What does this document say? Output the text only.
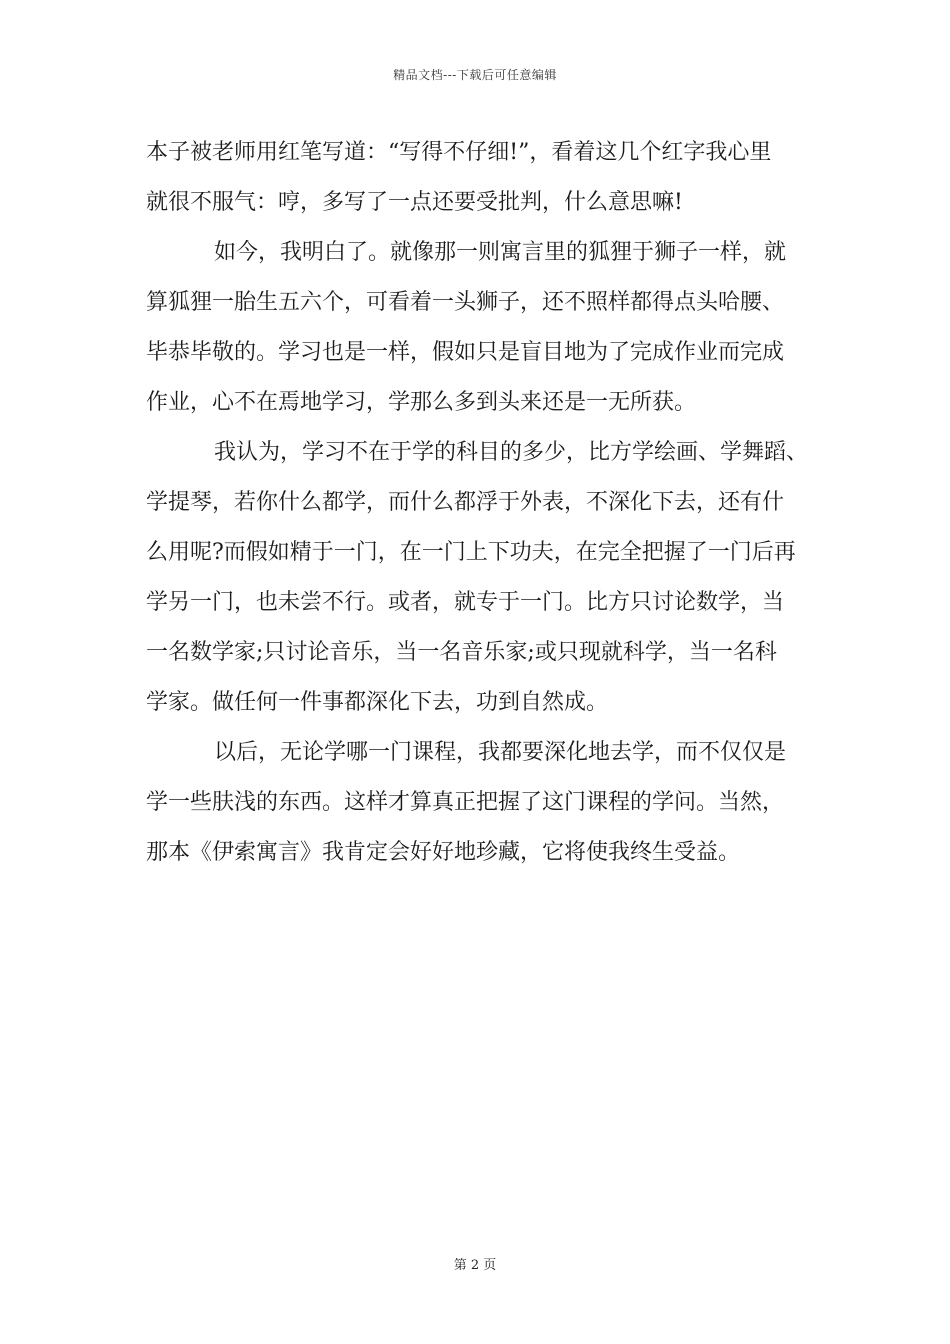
精品文档---下载后可任意编辑
本子被老师用红笔写道：“写得不仔细!”，看着这几个红字我心里
就很不服气：哼，多写了一点还要受批判，什么意思嘛!
如今，我明白了。就像那一则寓言里的狐狸于狮子一样，就
算狐狸一胎生五六个，可看着一头狮子，还不照样都得点头哈腰、
毕恭毕敬的。学习也是一样，假如只是盲目地为了完成作业而完成
作业，心不在焉地学习，学那么多到头来还是一无所获。
我认为，学习不在于学的科目的多少，比方学绘画、学舞蹈、
学提琴，若你什么都学，而什么都浮于外表，不深化下去，还有什
么用呢?而假如精于一门，在一门上下功夫，在完全把握了一门后再
学另一门，也未尝不行。或者，就专于一门。比方只讨论数学，当
一名数学家;只讨论音乐，当一名音乐家;或只现就科学，当一名科
学家。做任何一件事都深化下去，功到自然成。
以后，无论学哪一门课程，我都要深化地去学，而不仅仅是
学一些肤浅的东西。这样才算真正把握了这门课程的学问。当然，
那本《伊索寓言》我肯定会好好地珍藏，它将使我终生受益。
第 2 页
